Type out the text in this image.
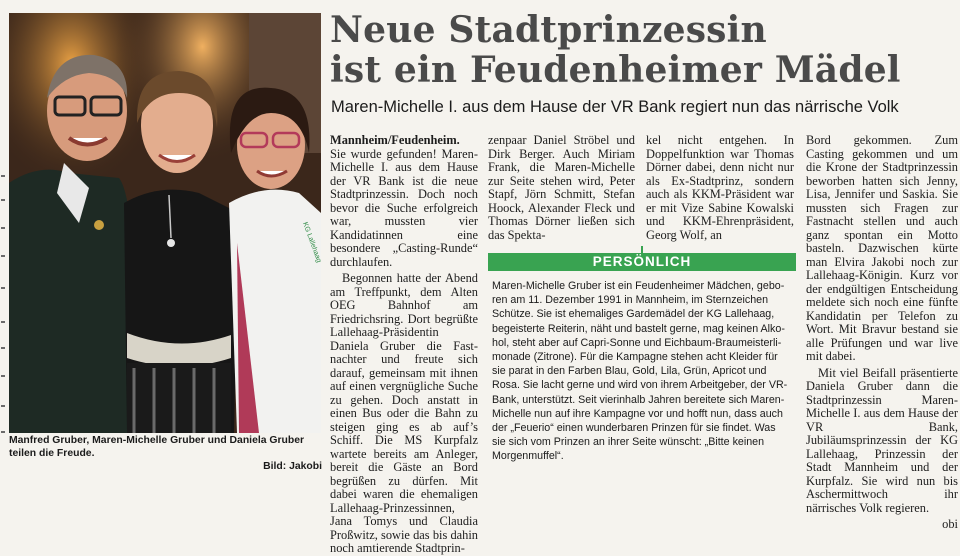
KG Lallehaag
Manfred Gruber, Maren-Michelle Gruber und Daniela Gruber teilen die Freude.
Bild: Jakobi
Neue Stadtprinzessin
ist ein Feudenheimer Mädel
Maren-Michelle I. aus dem Hause der VR Bank regiert nun das närrische Volk

Mannheim/Feudenheim. Sie wurde gefunden! Maren-Michelle I. aus dem Hause der VR Bank ist die neue Stadtprinzessin. Doch noch bevor die Suche erfolgreich war, mussten vier Kandidatinnen eine besondere „Casting-Runde“ durchlaufen.

Begonnen hatte der Abend am Treffpunkt, dem Alten OEG Bahnhof am Friedrichsring. Dort begrüßte Lallehaag-Präsidentin Daniela Gruber die Fastnachter und freute sich darauf, gemeinsam mit ihnen auf einen vergnügliche Suche zu gehen. Doch anstatt in einen Bus oder die Bahn zu steigen ging es ab auf’s Schiff. Die MS Kurpfalz wartete bereits am Anleger, bereit die Gäste an Bord begrüßen zu dürfen. Mit dabei waren die ehemaligen Lallehaag-Prinzessinnen, Jana Tomys und Claudia Proßwitz, sowie das bis dahin noch amtierende Stadtprin-

zenpaar Daniel Ströbel und Dirk Berger. Auch Miriam Frank, die Maren-Michelle zur Seite stehen wird, Peter Stapf, Jörn Schmitt, Stefan Hoock, Alexander Fleck und Thomas Dörner ließen sich das Spekta-

kel nicht entgehen. In Doppelfunktion war Thomas Dörner dabei, denn nicht nur als Ex-Stadtprinz, sondern auch als KKM-Präsident war er mit Vize Sabine Kowalski und KKM-Ehrenpräsident, Georg Wolf, an

Bord gekommen. Zum Casting gekommen und um die Krone der Stadtprinzessin beworben hatten sich Jenny, Lisa, Jennifer und Saskia. Sie mussten sich Fragen zur Fastnacht stellen und auch ganz spontan ein Motto basteln. Dazwischen kürte man Elvira Jakobi noch zur Lallehaag-Königin. Kurz vor der endgültigen Entscheidung meldete sich noch eine fünfte Kandidatin per Telefon zu Wort. Mit Bravur bestand sie alle Prüfungen und war live mit dabei.

Mit viel Beifall präsentierte Daniela Gruber dann die Stadtprinzessin Maren-Michelle I. aus dem Hause der VR Bank, Jubiläumsprinzessin der KG Lallehaag, Prinzessin der Stadt Mannheim und der Kurpfalz. Sie wird nun bis Aschermittwoch ihr närrisches Volk regieren.

obi

PERSÖNLICH
Maren-Michelle Gruber ist ein Feudenheimer Mädchen, geboren am 11. Dezember 1991 in Mannheim, im Sternzeichen Schütze. Sie ist ehemaliges Gardemädel der KG Lallehaag, begeisterte Reiterin, näht und bastelt gerne, mag keinen Alkohol, steht aber auf Capri-Sonne und Eichbaum-Braumeisterlimonade (Zitrone). Für die Kampagne stehen acht Kleider für sie parat in den Farben Blau, Gold, Lila, Grün, Apricot und Rosa. Sie lacht gerne und wird von ihrem Arbeitgeber, der VR-Bank, unterstützt. Seit vierinhalb Jahren bereitete sich Maren-Michelle nun auf ihre Kampagne vor und hofft nun, dass auch der „Feuerio“ einen wunderbaren Prinzen für sie findet. Was sie sich vom Prinzen an ihrer Seite wünscht: „Bitte keinen Morgenmuffel“.
